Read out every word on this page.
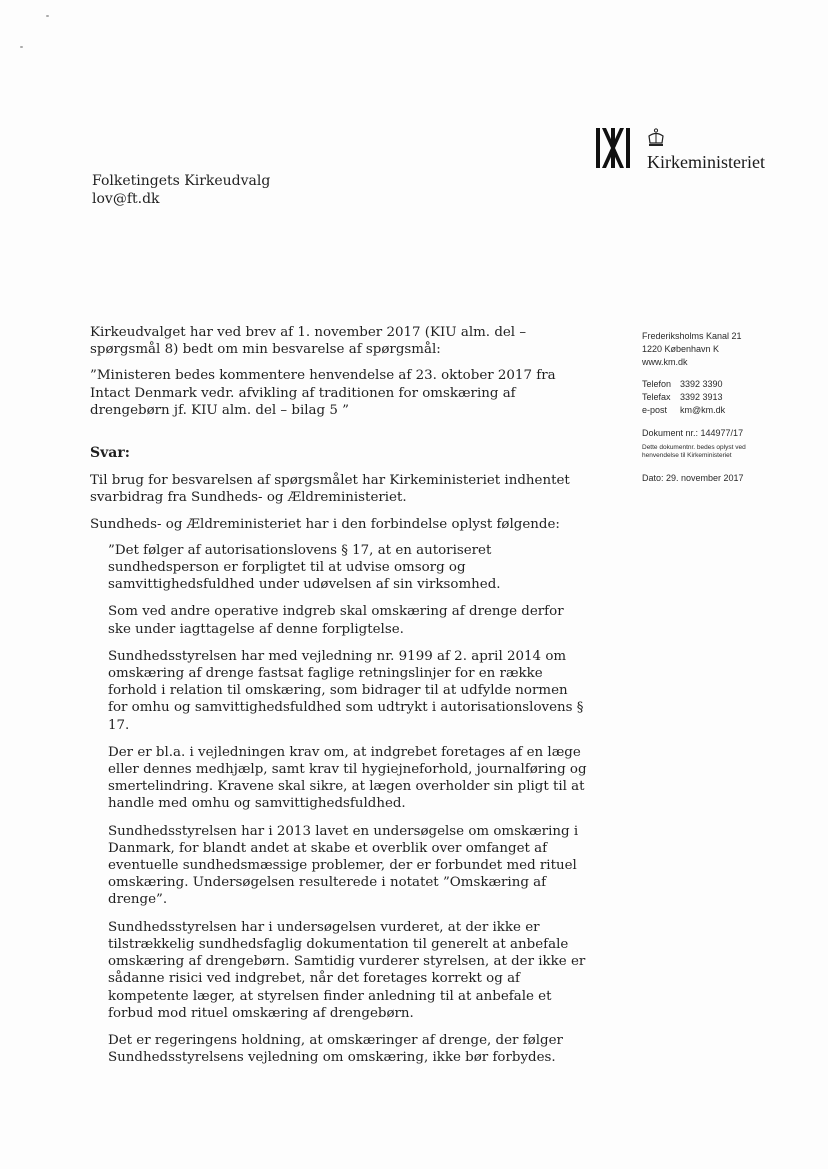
Kirkeministeriet
Folketingets Kirkeudvalg
lov@ft.dk

Kirkeudvalget har ved brev af 1. november 2017 (KIU alm. del – spørgsmål 8) bedt om min besvarelse af spørgsmål:

”Ministeren bedes kommentere henvendelse af 23. oktober 2017 fra Intact Denmark vedr. afvikling af traditionen for omskæring af drengebørn jf. KIU alm. del – bilag 5 ”

Svar:

Til brug for besvarelsen af spørgsmålet har Kirkeministeriet indhentet svarbidrag fra Sundheds- og Ældreministeriet.

Sundheds- og Ældreministeriet har i den forbindelse oplyst følgende:

”Det følger af autorisationslovens § 17, at en autoriseret sundhedsperson er forpligtet til at udvise omsorg og samvittighedsfuldhed under udøvelsen af sin virksomhed.

Som ved andre operative indgreb skal omskæring af drenge derfor ske under iagttagelse af denne forpligtelse.

Sundhedsstyrelsen har med vejledning nr. 9199 af 2. april 2014 om omskæring af drenge fastsat faglige retningslinjer for en række forhold i relation til omskæring, som bidrager til at udfylde normen for omhu og samvittighedsfuldhed som udtrykt i autorisationslovens § 17.

Der er bl.a. i vejledningen krav om, at indgrebet foretages af en læge eller dennes medhjælp, samt krav til hygiejneforhold, journalføring og smertelindring. Kravene skal sikre, at lægen overholder sin pligt til at handle med omhu og samvittighedsfuldhed.

Sundhedsstyrelsen har i 2013 lavet en undersøgelse om omskæring i Danmark, for blandt andet at skabe et overblik over omfanget af eventuelle sundhedsmæssige problemer, der er forbundet med rituel omskæring. Undersøgelsen resulterede i notatet ”Omskæring af drenge”.

Sundhedsstyrelsen har i undersøgelsen vurderet, at der ikke er tilstrækkelig sundhedsfaglig dokumentation til generelt at anbefale omskæring af drengebørn. Samtidig vurderer styrelsen, at der ikke er sådanne risici ved indgrebet, når det foretages korrekt og af kompetente læger, at styrelsen finder anledning til at anbefale et forbud mod rituel omskæring af drengebørn.

Det er regeringens holdning, at omskæringer af drenge, der følger Sundhedsstyrelsens vejledning om omskæring, ikke bør forbydes.

Frederiksholms Kanal 21
1220 København K
www.km.dk
Telefon 3392 3390
Telefax	3392 3913
e-post	km@km.dk
Dokument nr.: 144977/17
Dette dokumentnr. bedes oplyst ved
henvendelse til Kirkeministeriet
Dato: 29. november 2017
